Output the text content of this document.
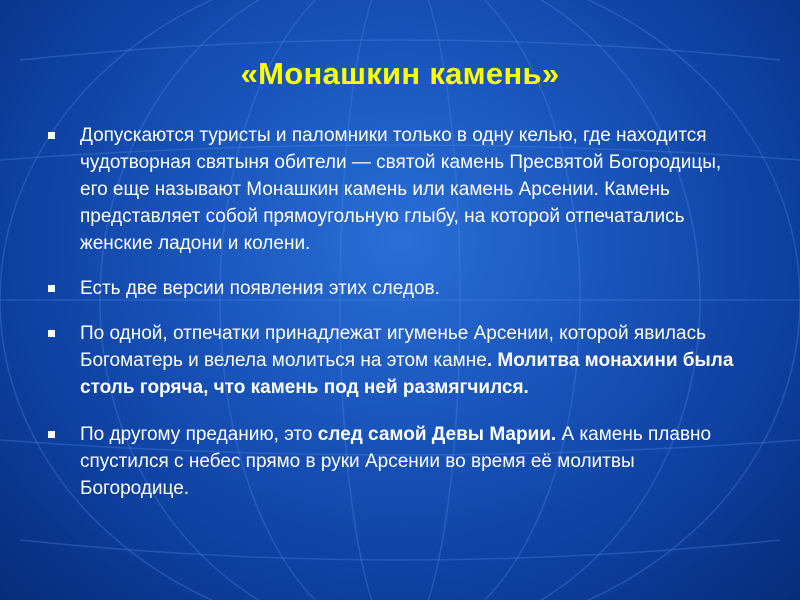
«Монашкин камень»
Допускаются туристы и паломники только в одну келью, где находится чудотворная святыня обители — святой камень Пресвятой Богородицы, его еще называют Монашкин камень или камень Арсении. Камень представляет собой прямоугольную глыбу, на которой отпечатались женские ладони и колени.
Есть две версии появления этих следов.
По одной, отпечатки принадлежат игуменье Арсении, которой явилась Богоматерь и велела молиться на этом камне. Молитва монахини была столь горяча, что камень под ней размягчился.
По другому преданию, это след самой Девы Марии. А камень плавно спустился с небес прямо в руки Арсении во время её молитвы Богородице.
